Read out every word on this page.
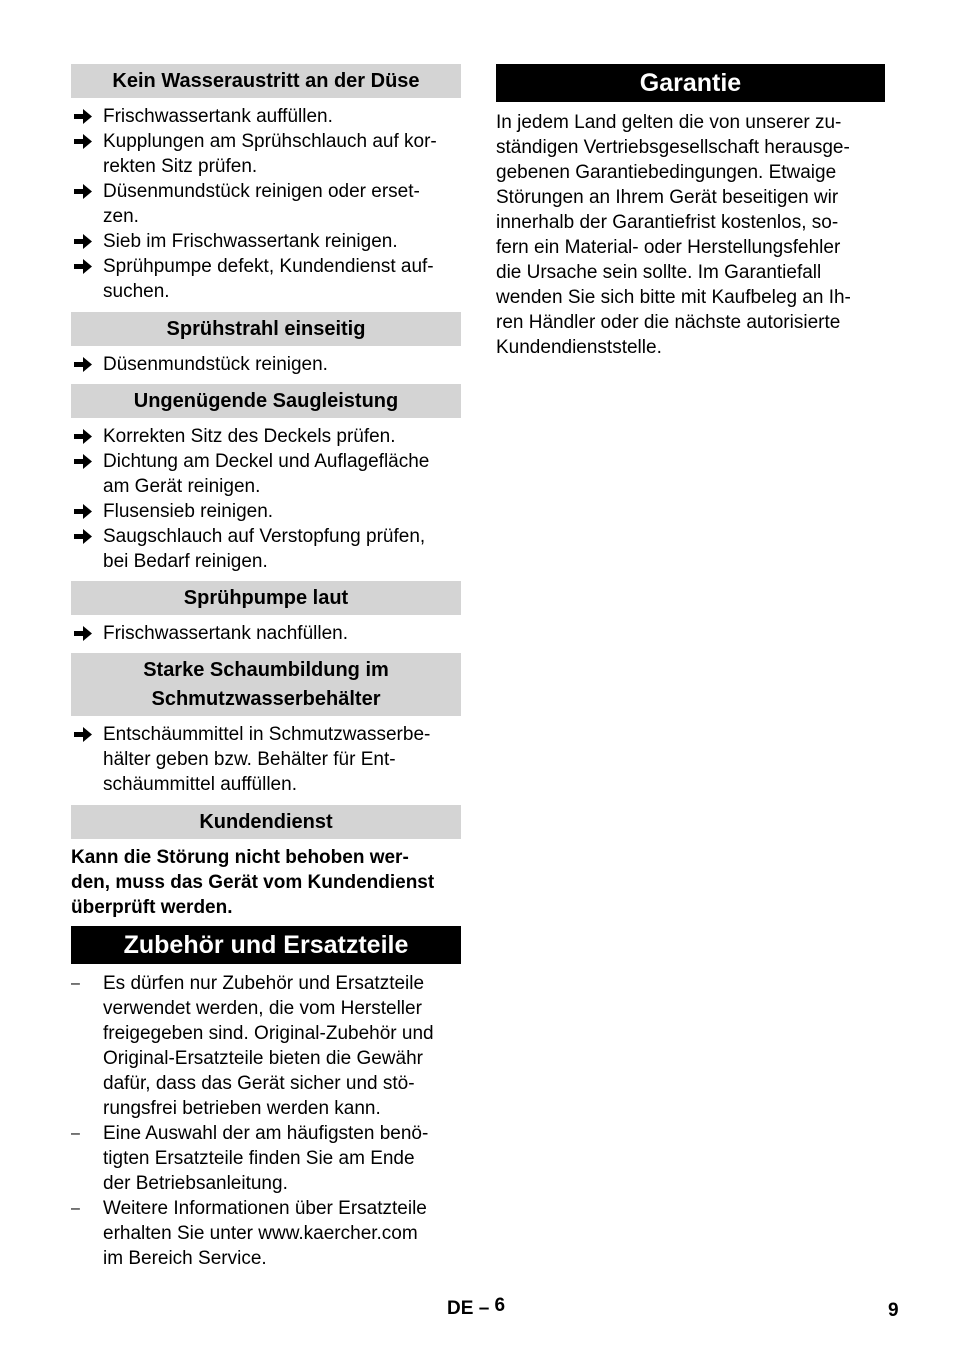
Kein Wasseraustritt an der Düse
Frischwassertank auffüllen.
Kupplungen am Sprühschlauch auf kor-
rekten Sitz prüfen.
Düsenmundstück reinigen oder erset-
zen.
Sieb im Frischwassertank reinigen.
Sprühpumpe defekt, Kundendienst auf-
suchen.
Sprühstrahl einseitig
Düsenmundstück reinigen.
Ungenügende Saugleistung
Korrekten Sitz des Deckels prüfen.
Dichtung am Deckel und Auflagefläche
am Gerät reinigen.
Flusensieb reinigen.
Saugschlauch auf Verstopfung prüfen,
bei Bedarf reinigen.
Sprühpumpe laut
Frischwassertank nachfüllen.
Starke Schaumbildung im
Schmutzwasserbehälter
Entschäummittel in Schmutzwasserbe-
hälter geben bzw. Behälter für Ent-
schäummittel auffüllen.
Kundendienst

Kann die Störung nicht behoben wer-
den, muss das Gerät vom Kundendienst
überprüft werden.

Zubehör und Ersatzteile
– Es dürfen nur Zubehör und Ersatzteile
verwendet werden, die vom Hersteller
freigegeben sind. Original-Zubehör und
Original-Ersatzteile bieten die Gewähr
dafür, dass das Gerät sicher und stö-
rungsfrei betrieben werden kann.
– Eine Auswahl der am häufigsten benö-
tigten Ersatzteile finden Sie am Ende
der Betriebsanleitung.
– Weitere Informationen über Ersatzteile
erhalten Sie unter www.kaercher.com
im Bereich Service.
Garantie

In jedem Land gelten die von unserer zu-
ständigen Vertriebsgesellschaft herausge-
gebenen Garantiebedingungen. Etwaige
Störungen an Ihrem Gerät beseitigen wir
innerhalb der Garantiefrist kostenlos, so-
fern ein Material- oder Herstellungsfehler
die Ursache sein sollte. Im Garantiefall
wenden Sie sich bitte mit Kaufbeleg an Ih-
ren Händler oder die nächste autorisierte
Kundendienststelle.

DE – 6	9
